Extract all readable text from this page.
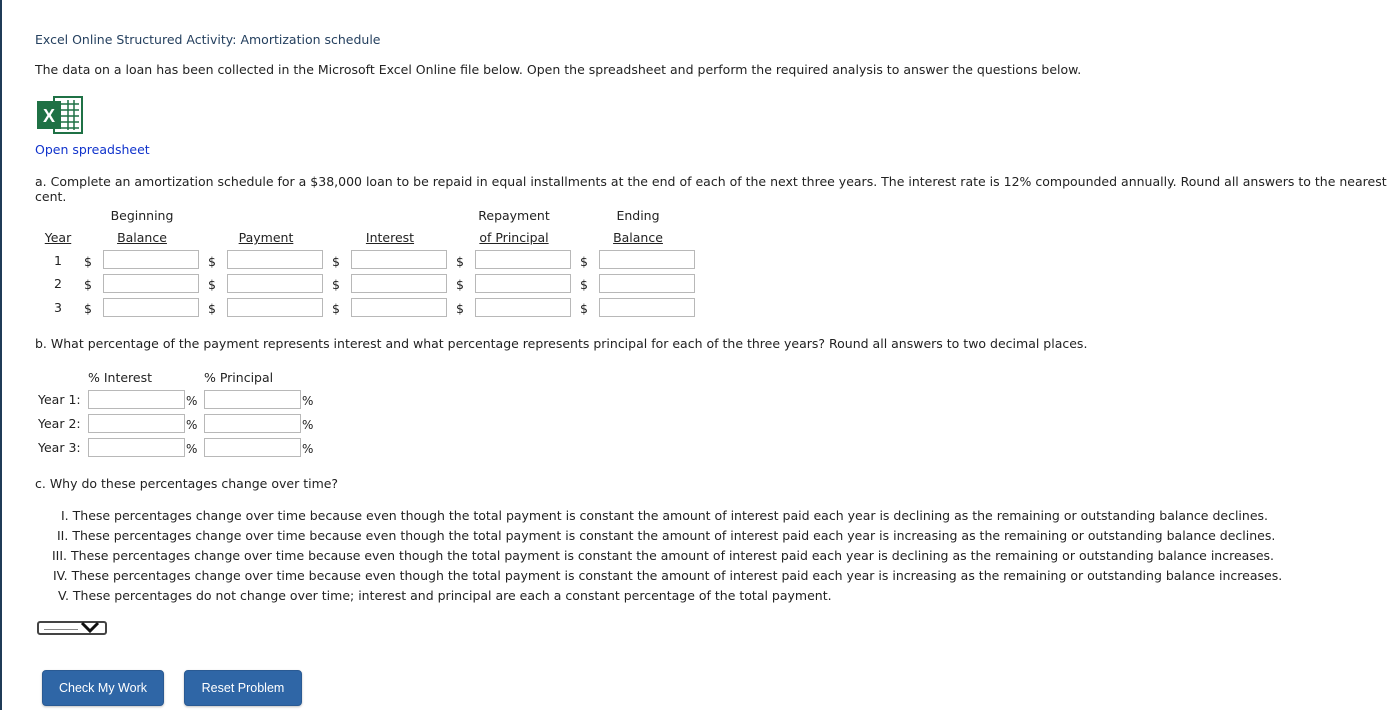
Excel Online Structured Activity: Amortization schedule
The data on a loan has been collected in the Microsoft Excel Online file below. Open the spreadsheet and perform the required analysis to answer the questions below.
X
Open spreadsheet
a. Complete an amortization schedule for a $38,000 loan to be repaid in equal installments at the end of each of the next three years. The interest rate is 12% compounded annually. Round all answers to the nearest cent.
Beginning	Repayment	Ending
Year	Balance	Payment	Interest	of Principal	Balance
1	$	$	$	$	$
2	$	$	$	$	$
3	$	$	$	$	$
b. What percentage of the payment represents interest and what percentage represents principal for each of the three years? Round all answers to two decimal places.
% Interest	% Principal
Year 1:	%	%
Year 2:	%	%
Year 3:	%	%
c. Why do these percentages change over time?
I. These percentages change over time because even though the total payment is constant the amount of interest paid each year is declining as the remaining or outstanding balance declines.
II. These percentages change over time because even though the total payment is constant the amount of interest paid each year is increasing as the remaining or outstanding balance declines.
III. These percentages change over time because even though the total payment is constant the amount of interest paid each year is declining as the remaining or outstanding balance increases.
IV. These percentages change over time because even though the total payment is constant the amount of interest paid each year is increasing as the remaining or outstanding balance increases.
V. These percentages do not change over time; interest and principal are each a constant percentage of the total payment.
Check My Work	Reset Problem
